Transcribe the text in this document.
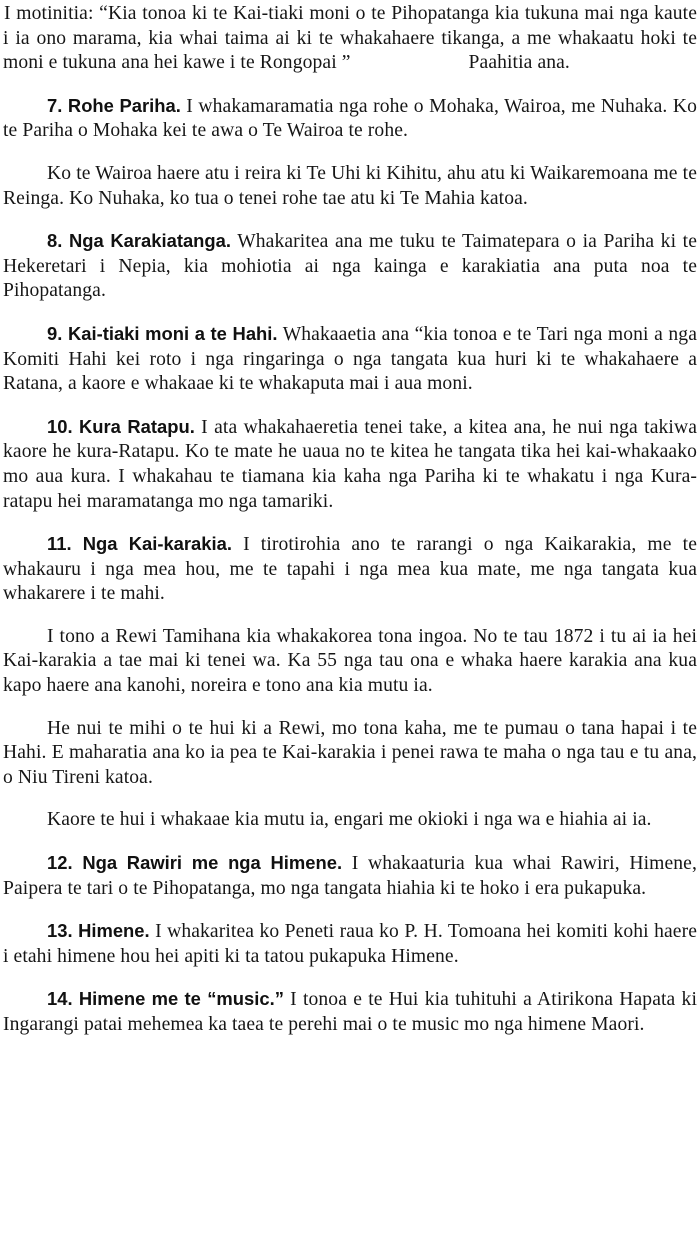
I motinitia: “Kia tonoa ki te Kai-tiaki moni o te Pihopatanga kia tukuna mai nga kaute i ia ono marama, kia whai taima ai ki te whakahaere tikanga, a me whakaatu hoki te moni e tukuna ana hei kawe i te Rongopai ”	Paahitia ana.

7. Rohe Pariha. I whakamaramatia nga rohe o Mohaka, Wairoa, me Nuhaka. Ko te Pariha o Mohaka kei te awa o Te Wairoa te rohe.

Ko te Wairoa haere atu i reira ki Te Uhi ki Kihitu, ahu atu ki Waikaremoana me te Reinga. Ko Nuhaka, ko tua o tenei rohe tae atu ki Te Mahia katoa.

8. Nga Karakiatanga. Whakaritea ana me tuku te Taimatepara o ia Pariha ki te Hekeretari i Nepia, kia mohiotia ai nga kainga e karakiatia ana puta noa te Pihopatanga.

9. Kai-tiaki moni a te Hahi. Whakaaetia ana “kia tonoa e te Tari nga moni a nga Komiti Hahi kei roto i nga ringaringa o nga tangata kua huri ki te whakahaere a Ratana, a kaore e whakaae ki te whakaputa mai i aua moni.

10. Kura Ratapu. I ata whakahaeretia tenei take, a kitea ana, he nui nga takiwa kaore he kura-Ratapu. Ko te mate he uaua no te kitea he tangata tika hei kai-whakaako mo aua kura. I whakahau te tiamana kia kaha nga Pariha ki te whakatu i nga Kura-ratapu hei maramatanga mo nga tamariki.

11. Nga Kai-karakia. I tirotirohia ano te rarangi o nga Kaikarakia, me te whakauru i nga mea hou, me te tapahi i nga mea kua mate, me nga tangata kua whakarere i te mahi.

I tono a Rewi Tamihana kia whakakorea tona ingoa. No te tau 1872 i tu ai ia hei Kai-karakia a tae mai ki tenei wa. Ka 55 nga tau ona e whaka haere karakia ana kua kapo haere ana kanohi, noreira e tono ana kia mutu ia.

He nui te mihi o te hui ki a Rewi, mo tona kaha, me te pumau o tana hapai i te Hahi. E maharatia ana ko ia pea te Kai-karakia i penei rawa te maha o nga tau e tu ana, o Niu Tireni katoa.

Kaore te hui i whakaae kia mutu ia, engari me okioki i nga wa e hiahia ai ia.

12. Nga Rawiri me nga Himene. I whakaaturia kua whai Rawiri, Himene, Paipera te tari o te Pihopatanga, mo nga tangata hiahia ki te hoko i era pukapuka.

13. Himene. I whakaritea ko Peneti raua ko P. H. Tomoana hei komiti kohi haere i etahi himene hou hei apiti ki ta tatou pukapuka Himene.

14. Himene me te “music.” I tonoa e te Hui kia tuhituhi a Atirikona Hapata ki Ingarangi patai mehemea ka taea te perehi mai o te music mo nga himene Maori.
